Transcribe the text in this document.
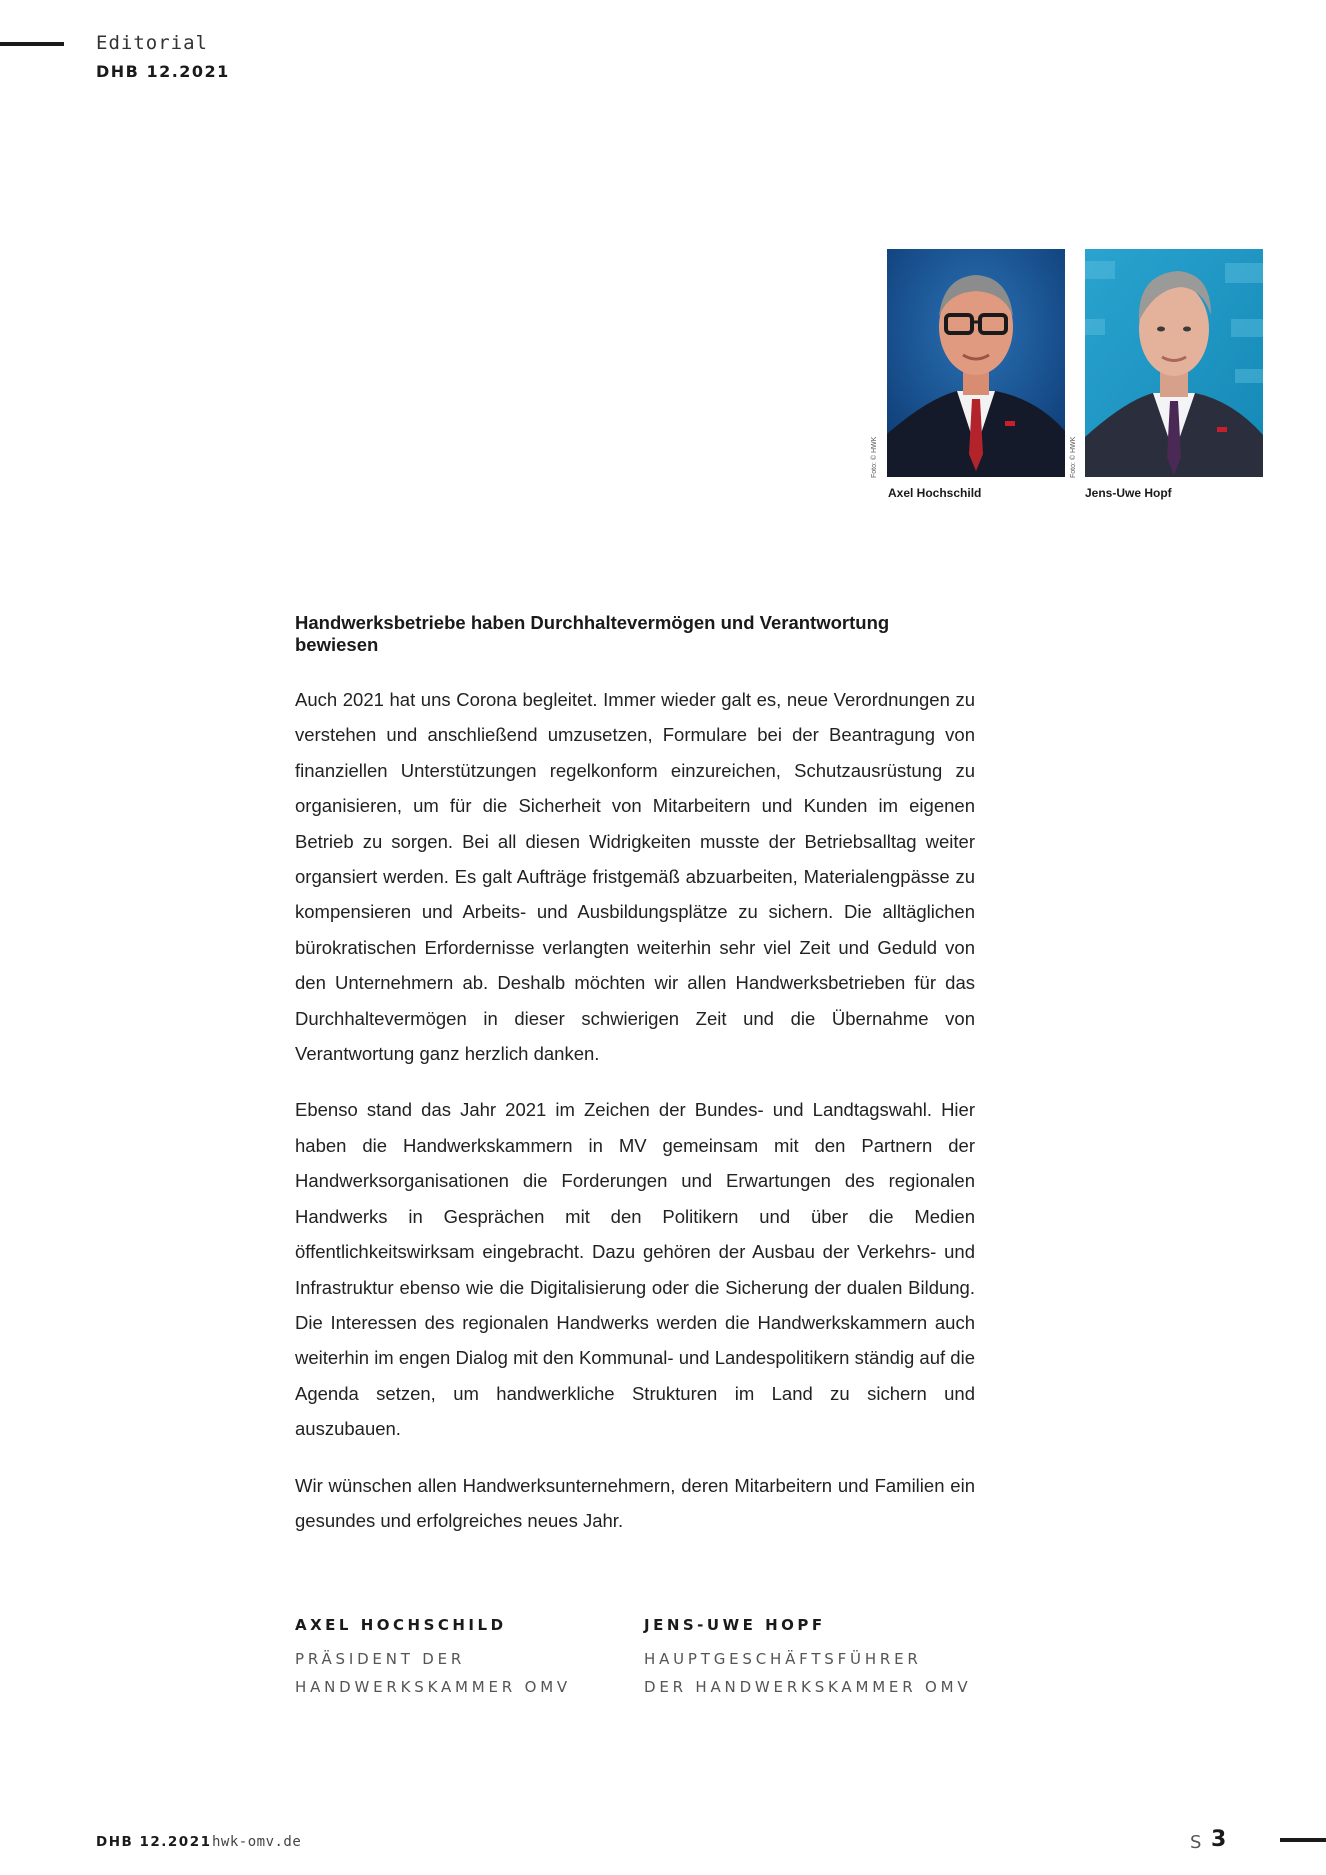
Editorial
DHB 12.2021
Foto: © HWK
Axel Hochschild
Foto: © HWK
Jens-Uwe Hopf
Handwerksbetriebe haben Durchhaltevermögen und Verantwortung bewiesen

Auch 2021 hat uns Corona begleitet. Immer wieder galt es, neue Verordnungen zu verstehen und anschließend umzusetzen, Formulare bei der Beantragung von finanziellen Unterstützungen regelkonform einzureichen, Schutzausrüstung zu organisieren, um für die Sicherheit von Mitarbeitern und Kunden im eigenen Betrieb zu sorgen. Bei all diesen Widrigkeiten musste der Betriebsalltag weiter organsiert werden. Es galt Aufträge fristgemäß abzuarbeiten, Materialengpässe zu kompensieren und Arbeits- und Ausbildungsplätze zu sichern. Die alltäglichen bürokratischen Erfordernisse verlangten weiterhin sehr viel Zeit und Geduld von den Unternehmern ab. Deshalb möchten wir allen Handwerksbetrieben für das Durchhaltevermögen in dieser schwierigen Zeit und die Übernahme von Verantwortung ganz herzlich danken.

Ebenso stand das Jahr 2021 im Zeichen der Bundes- und Landtagswahl. Hier haben die Handwerkskammern in MV gemeinsam mit den Partnern der Handwerksorganisationen die Forderungen und Erwartungen des regionalen Handwerks in Gesprächen mit den Politikern und über die Medien öffentlichkeitswirksam eingebracht. Dazu gehören der Ausbau der Verkehrs- und Infrastruktur ebenso wie die Digitalisierung oder die Sicherung der dualen Bildung. Die Interessen des regionalen Handwerks werden die Handwerkskammern auch weiterhin im engen Dialog mit den Kommunal- und Landespolitikern ständig auf die Agenda setzen, um handwerkliche Strukturen im Land zu sichern und auszubauen.

Wir wünschen allen Handwerksunternehmern, deren Mitarbeitern und Familien ein gesundes und erfolgreiches neues Jahr.

AXEL HOCHSCHILD
PRÄSIDENT DER
HANDWERKSKAMMER OMV
JENS-UWE HOPF
HAUPTGESCHÄFTSFÜHRER
DER HANDWERKSKAMMER OMV
DHB 12.2021 hwk-omv.de	S 3
